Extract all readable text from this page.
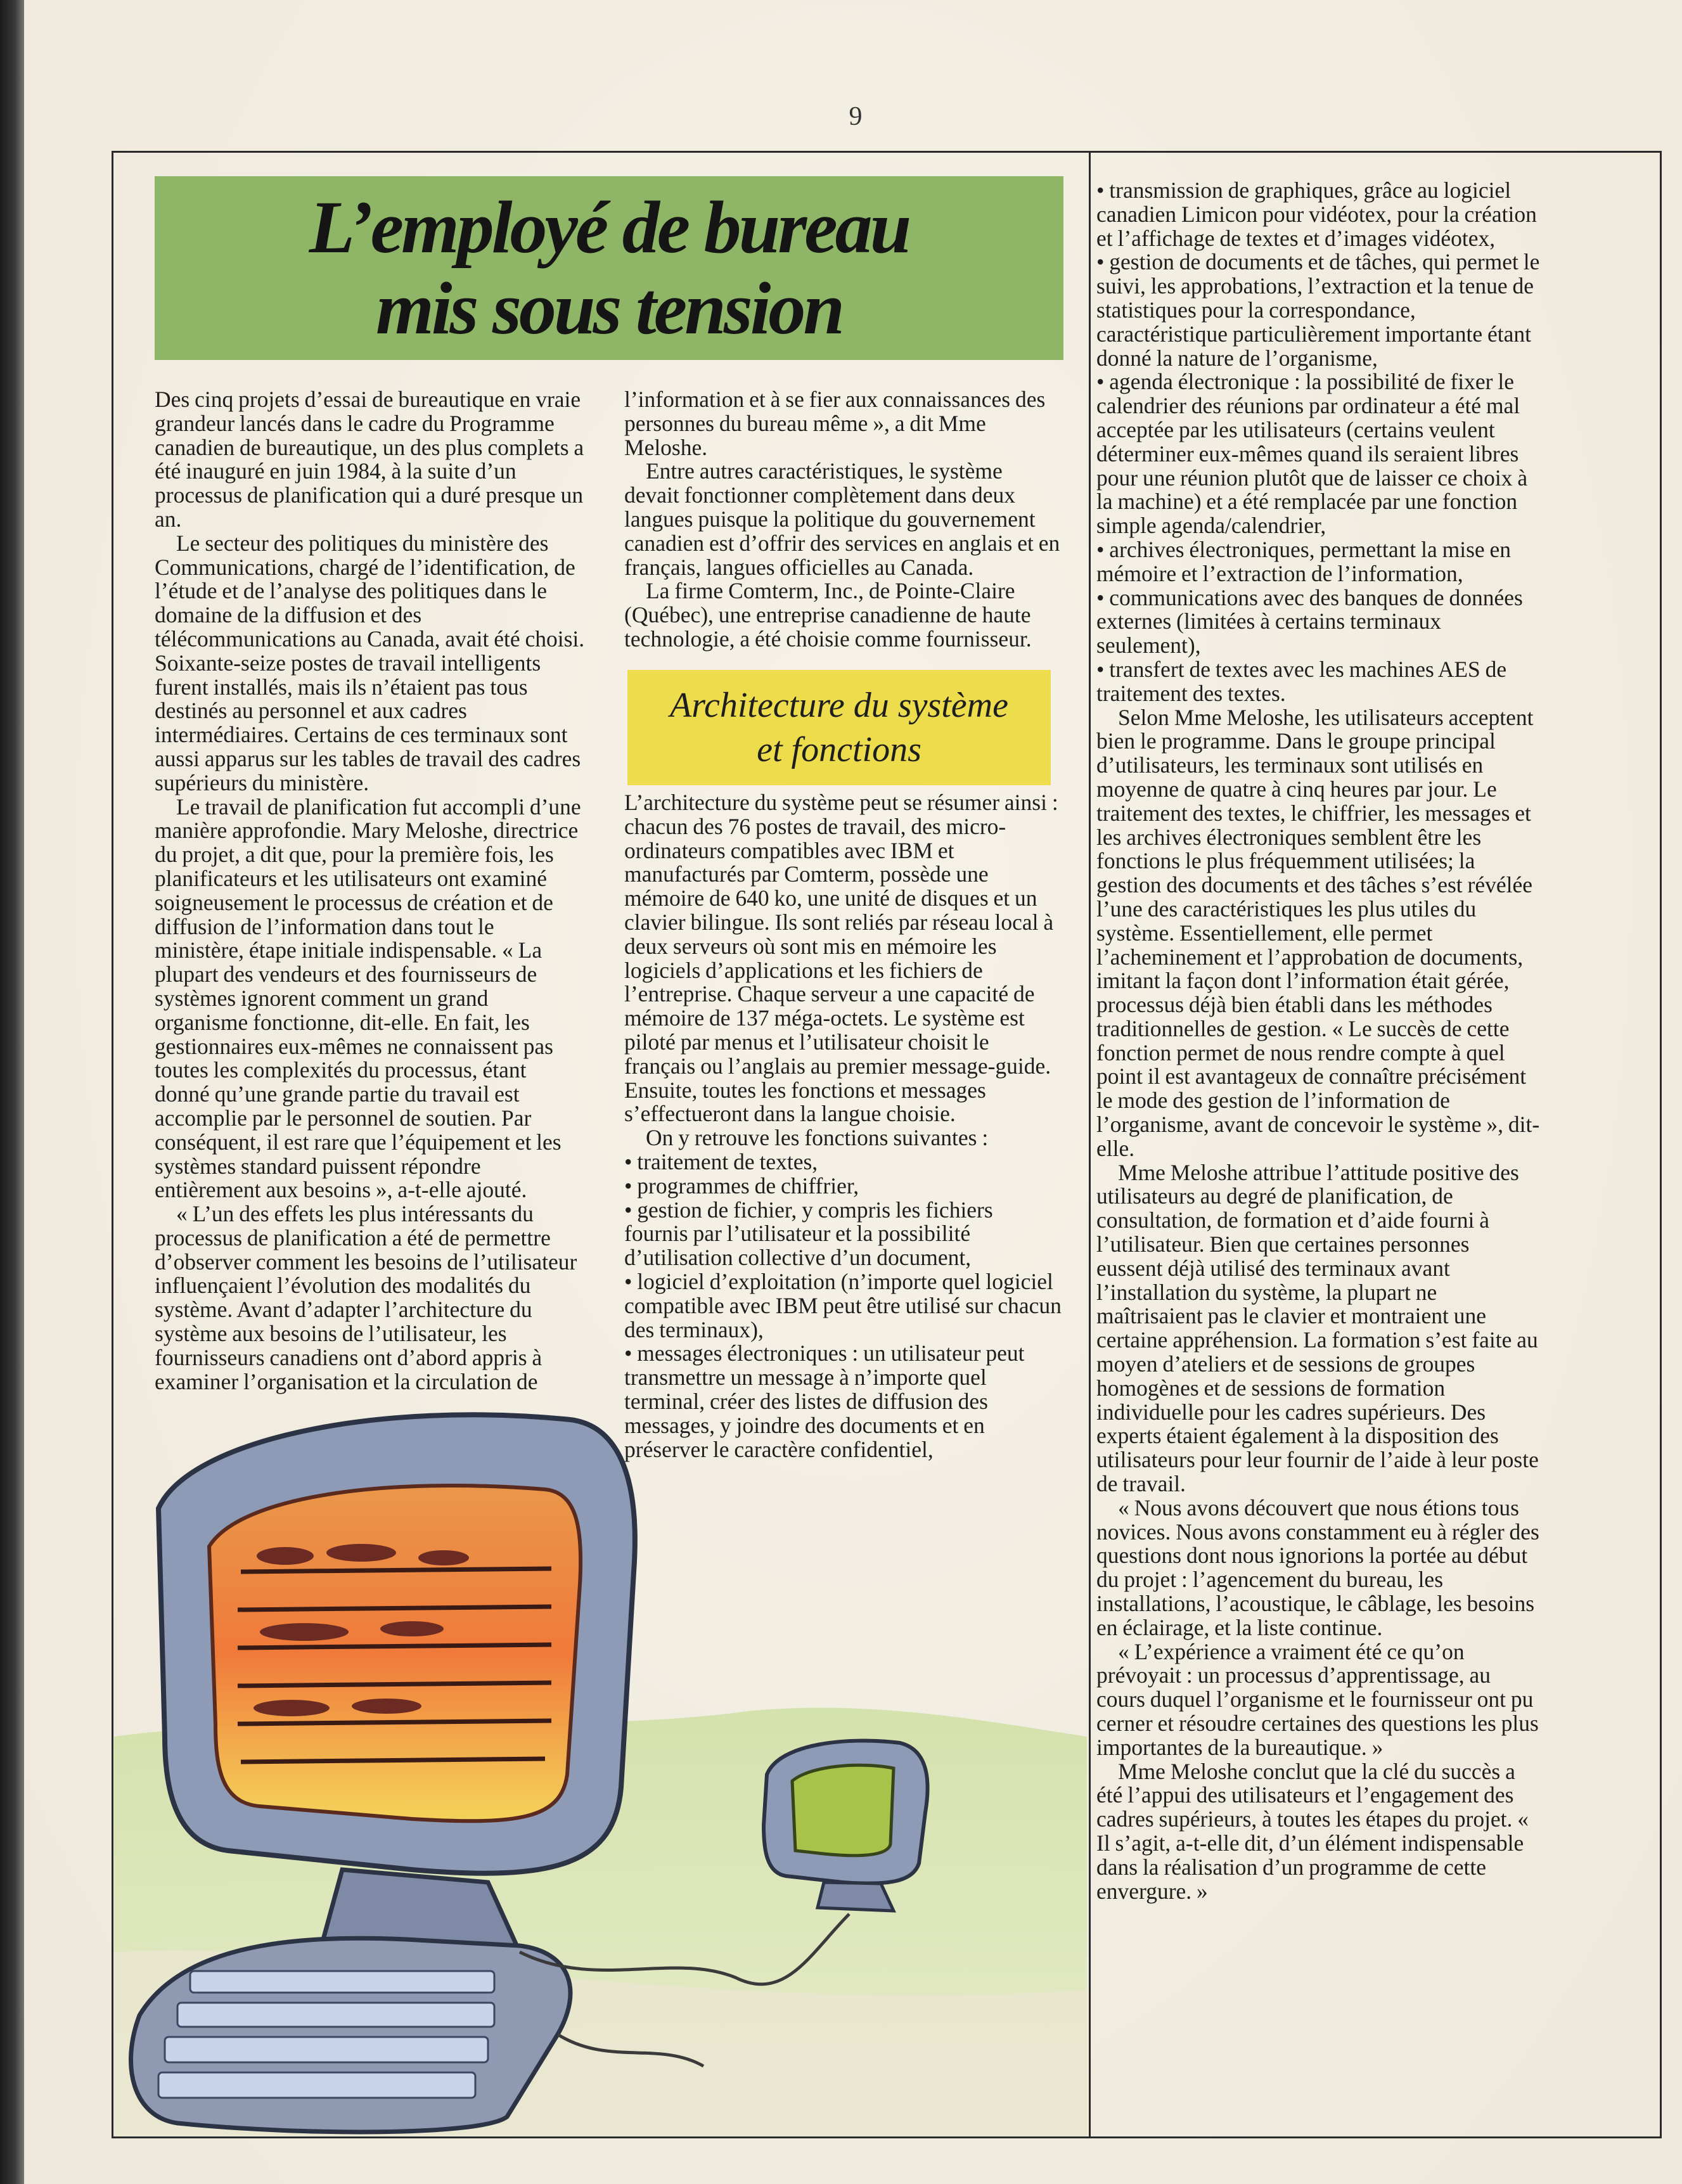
9
L’employé de bureau
mis sous tension

Des cinq projets d’essai de bureautique en vraie grandeur lancés dans le cadre du Programme canadien de bureautique, un des plus complets a été inauguré en juin 1984, à la suite d’un processus de planification qui a duré presque un an.

Le secteur des politiques du ministère des Communications, chargé de l’identification, de l’étude et de l’analyse des politiques dans le domaine de la diffusion et des télécommunications au Canada, avait été choisi. Soixante-seize postes de travail intelligents furent installés, mais ils n’étaient pas tous destinés au personnel et aux cadres intermédiaires. Certains de ces terminaux sont aussi apparus sur les tables de travail des cadres supérieurs du ministère.

Le travail de planification fut accompli d’une manière approfondie. Mary Meloshe, directrice du projet, a dit que, pour la première fois, les planificateurs et les utilisateurs ont examiné soigneusement le processus de création et de diffusion de l’information dans tout le ministère, étape initiale indispensable. « La plupart des vendeurs et des fournisseurs de systèmes ignorent comment un grand organisme fonctionne, dit-elle. En fait, les gestionnaires eux-mêmes ne connaissent pas toutes les complexités du processus, étant donné qu’une grande partie du travail est accomplie par le personnel de soutien. Par conséquent, il est rare que l’équipement et les systèmes standard puissent répondre entièrement aux besoins », a-t-elle ajouté.

« L’un des effets les plus intéressants du processus de planification a été de permettre d’observer comment les besoins de l’utilisateur influençaient l’évolution des modalités du système. Avant d’adapter l’architecture du système aux besoins de l’utilisateur, les fournisseurs canadiens ont d’abord appris à examiner l’organisation et la circulation de

l’information et à se fier aux connaissances des personnes du bureau même », a dit Mme Meloshe.

Entre autres caractéristiques, le système devait fonctionner complètement dans deux langues puisque la politique du gouvernement canadien est d’offrir des services en anglais et en français, langues officielles au Canada.

La firme Comterm, Inc., de Pointe-Claire (Québec), une entreprise canadienne de haute technologie, a été choisie comme fournisseur.

Architecture du système
et fonctions

L’architecture du système peut se résumer ainsi : chacun des 76 postes de travail, des micro-ordinateurs compatibles avec IBM et manufacturés par Comterm, possède une mémoire de 640 ko, une unité de disques et un clavier bilingue. Ils sont reliés par réseau local à deux serveurs où sont mis en mémoire les logiciels d’applications et les fichiers de l’entreprise. Chaque serveur a une capacité de mémoire de 137 méga-octets. Le système est piloté par menus et l’utilisateur choisit le français ou l’anglais au premier message-guide. Ensuite, toutes les fonctions et messages s’effectueront dans la langue choisie.

On y retrouve les fonctions suivantes :

• traitement de textes,

• programmes de chiffrier,

• gestion de fichier, y compris les fichiers fournis par l’utilisateur et la possibilité d’utilisation collective d’un document,

• logiciel d’exploitation (n’importe quel logiciel compatible avec IBM peut être utilisé sur chacun des terminaux),

• messages électroniques : un utilisateur peut transmettre un message à n’importe quel terminal, créer des listes de diffusion des messages, y joindre des documents et en préserver le caractère confidentiel,

• transmission de graphiques, grâce au logiciel canadien Limicon pour vidéotex, pour la création et l’affichage de textes et d’images vidéotex,

• gestion de documents et de tâches, qui permet le suivi, les approbations, l’extraction et la tenue de statistiques pour la correspondance, caractéristique particulièrement importante étant donné la nature de l’organisme,

• agenda électronique : la possibilité de fixer le calendrier des réunions par ordinateur a été mal acceptée par les utilisateurs (certains veulent déterminer eux-mêmes quand ils seraient libres pour une réunion plutôt que de laisser ce choix à la machine) et a été remplacée par une fonction simple agenda/calendrier,

• archives électroniques, permettant la mise en mémoire et l’extraction de l’information,

• communications avec des banques de données externes (limitées à certains terminaux seulement),

• transfert de textes avec les machines AES de traitement des textes.

Selon Mme Meloshe, les utilisateurs acceptent bien le programme. Dans le groupe principal d’utilisateurs, les terminaux sont utilisés en moyenne de quatre à cinq heures par jour. Le traitement des textes, le chiffrier, les messages et les archives électroniques semblent être les fonctions le plus fréquemment utilisées; la gestion des documents et des tâches s’est révélée l’une des caractéristiques les plus utiles du système. Essentiellement, elle permet l’acheminement et l’approbation de documents, imitant la façon dont l’information était gérée, processus déjà bien établi dans les méthodes traditionnelles de gestion. « Le succès de cette fonction permet de nous rendre compte à quel point il est avantageux de connaître précisément le mode des gestion de l’information de l’organisme, avant de concevoir le système », dit-elle.

Mme Meloshe attribue l’attitude positive des utilisateurs au degré de planification, de consultation, de formation et d’aide fourni à l’utilisateur. Bien que certaines personnes eussent déjà utilisé des terminaux avant l’installation du système, la plupart ne maîtrisaient pas le clavier et montraient une certaine appréhension. La formation s’est faite au moyen d’ateliers et de sessions de groupes homogènes et de sessions de formation individuelle pour les cadres supérieurs. Des experts étaient également à la disposition des utilisateurs pour leur fournir de l’aide à leur poste de travail.

« Nous avons découvert que nous étions tous novices. Nous avons constamment eu à régler des questions dont nous ignorions la portée au début du projet : l’agencement du bureau, les installations, l’acoustique, le câblage, les besoins en éclairage, et la liste continue.

« L’expérience a vraiment été ce qu’on prévoyait : un processus d’apprentissage, au cours duquel l’organisme et le fournisseur ont pu cerner et résoudre certaines des questions les plus importantes de la bureautique. »

Mme Meloshe conclut que la clé du succès a été l’appui des utilisateurs et l’engagement des cadres supérieurs, à toutes les étapes du projet. « Il s’agit, a-t-elle dit, d’un élément indispensable dans la réalisation d’un programme de cette envergure. »
